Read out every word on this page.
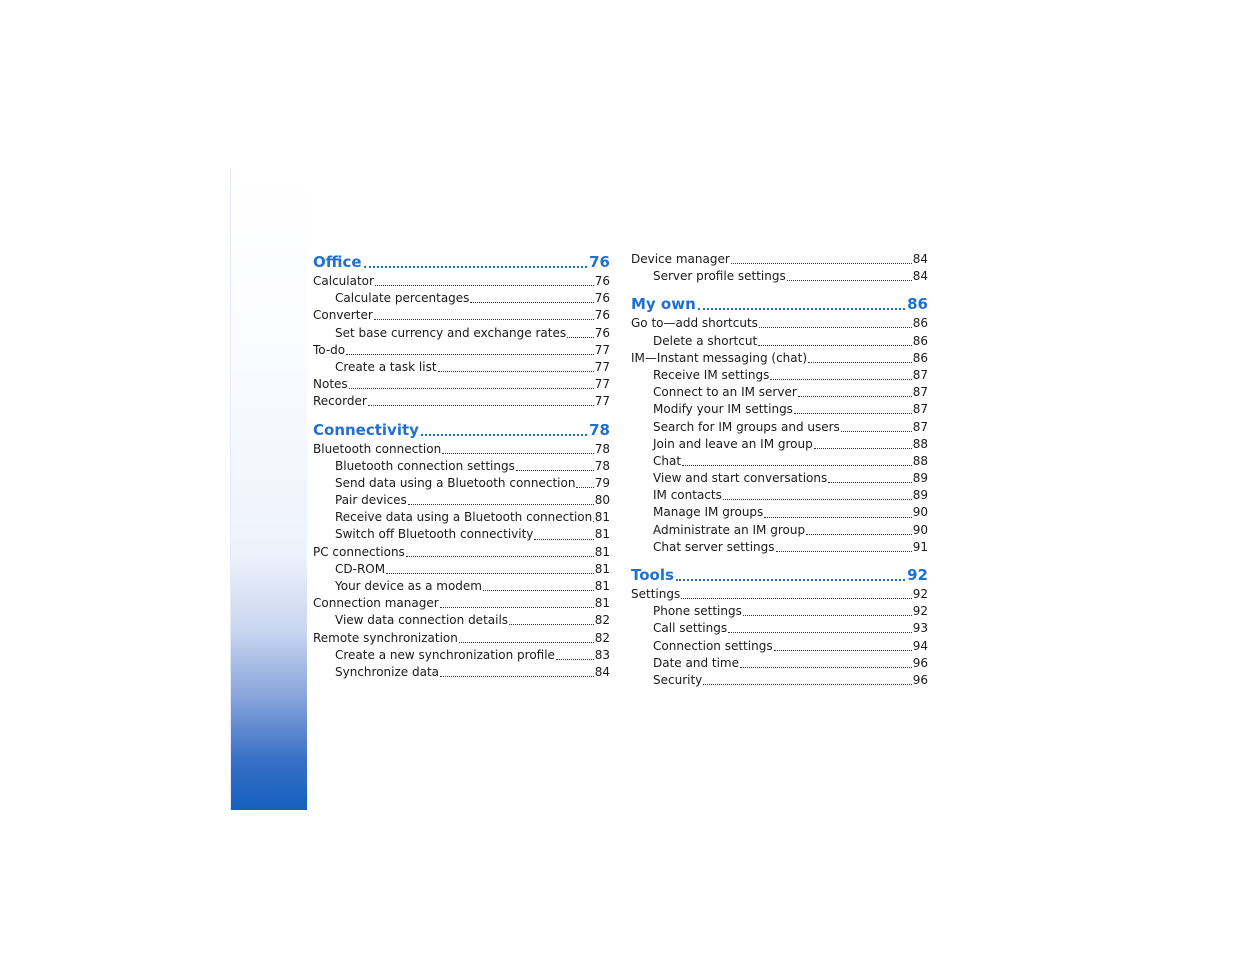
Office	76
Calculator	76
Calculate percentages	76
Converter	76
Set base currency and exchange rates 76
To-do	77
Create a task list	77
Notes	77
Recorder	77
Connectivity	78
Bluetooth connection	78
Bluetooth connection settings	78
Send data using a Bluetooth connection 79
Pair devices	80
Receive data using a Bluetooth connection 81
Switch off Bluetooth connectivity	81
PC connections	81
CD-ROM	81
Your device as a modem	81
Connection manager	81
View data connection details	82
Remote synchronization	82
Create a new synchronization profile	83
Synchronize data	84
Device manager	84
Server profile settings	84
My own	86
Go to—add shortcuts	86
Delete a shortcut	86
IM—Instant messaging (chat)	86
Receive IM settings	87
Connect to an IM server	87
Modify your IM settings	87
Search for IM groups and users	87
Join and leave an IM group	88
Chat	88
View and start conversations	89
IM contacts	89
Manage IM groups	90
Administrate an IM group	90
Chat server settings	91
Tools	92
Settings	92
Phone settings	92
Call settings	93
Connection settings	94
Date and time	96
Security	96
